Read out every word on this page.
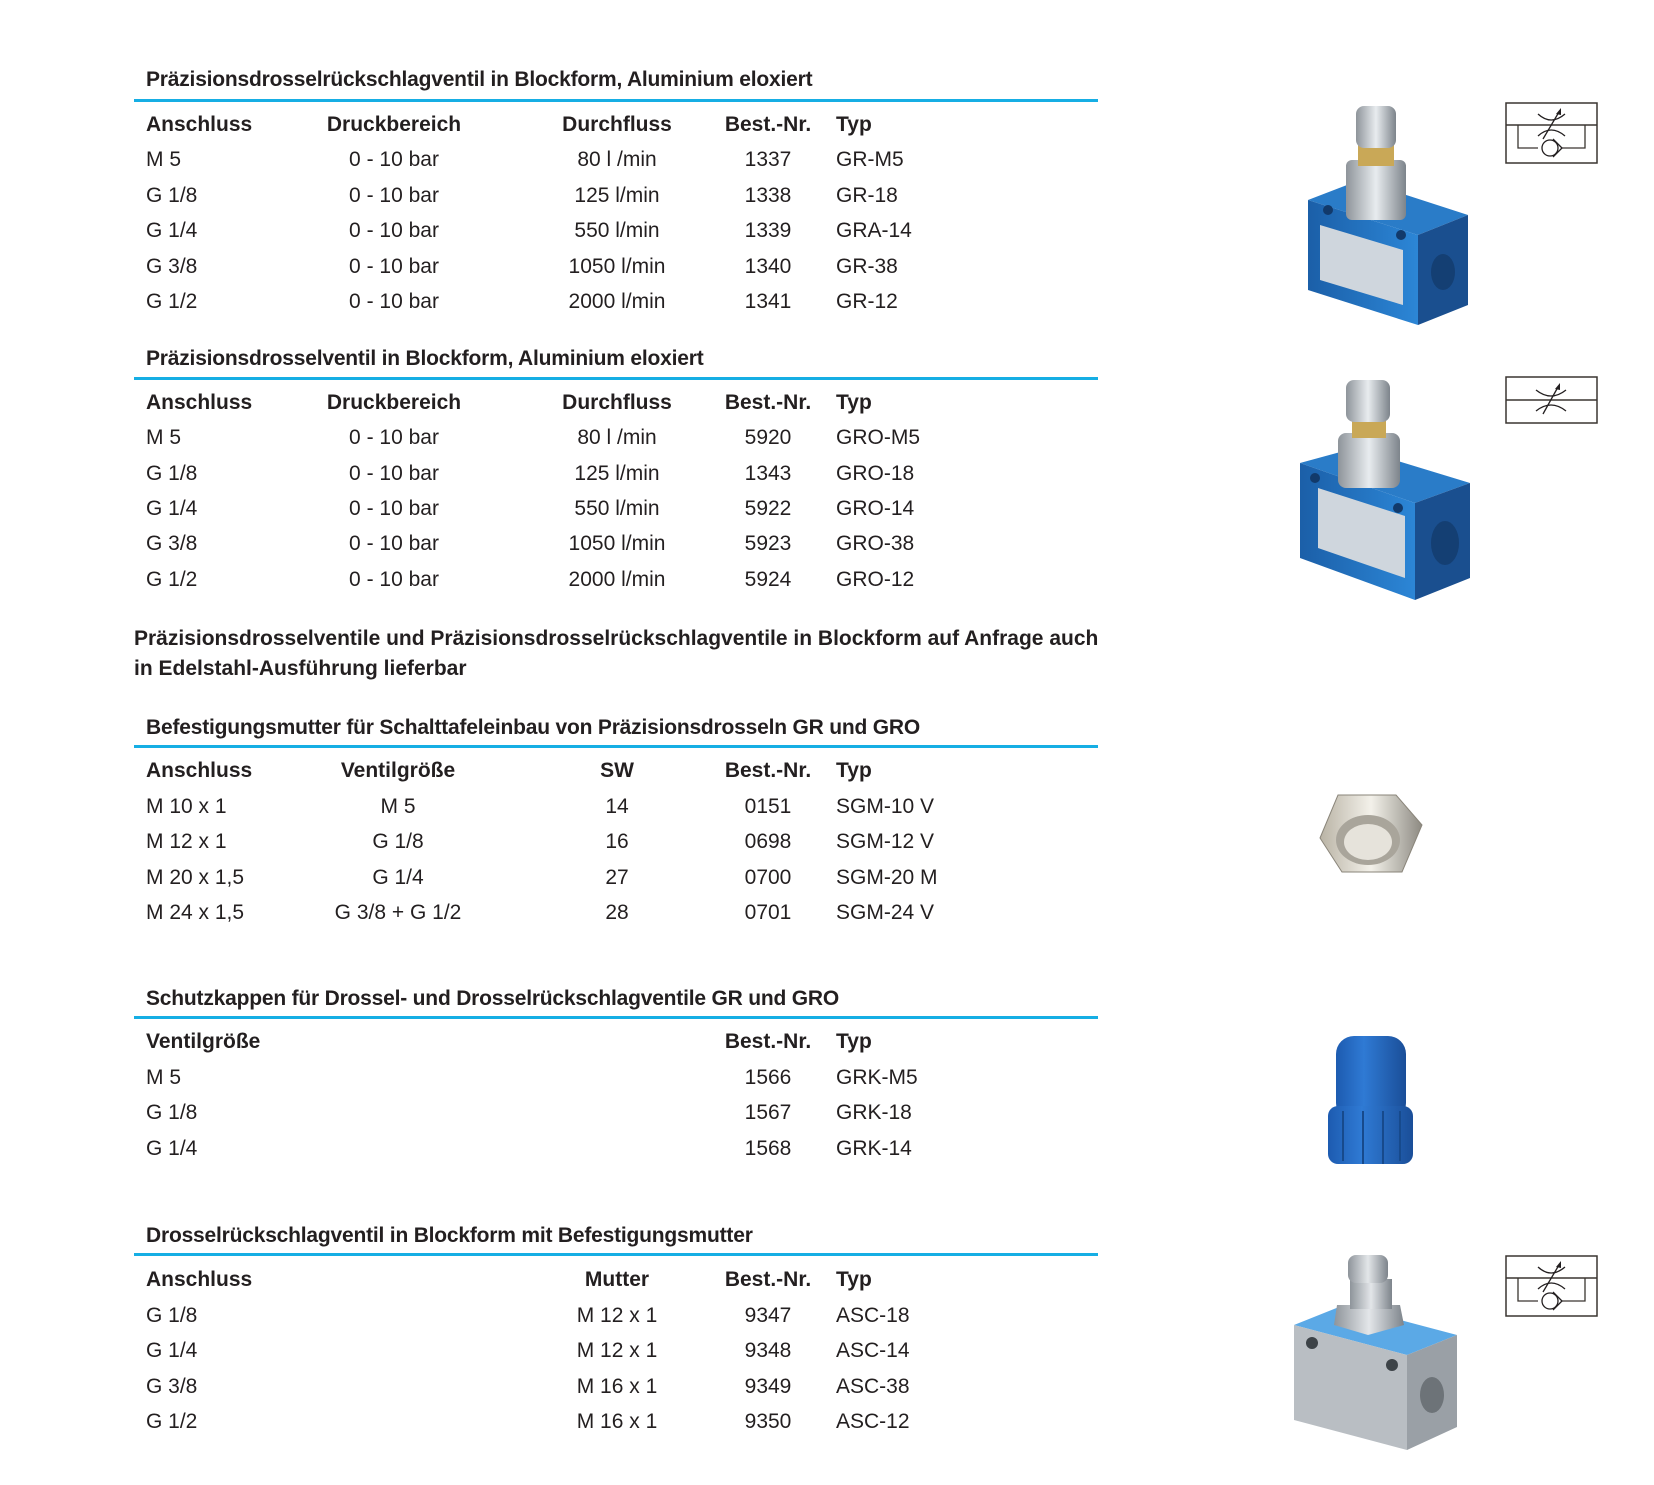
Präzisionsdrosselrückschlagventil in Blockform, Aluminium eloxiert
Anschluss	Druckbereich	Durchfluss	Best.-Nr. Typ
M 5	0 - 10 bar	80 l /min	1337 GR-M5
G 1/8	0 - 10 bar	125 l/min	1338 GR-18
G 1/4	0 - 10 bar	550 l/min	1339 GRA-14
G 3/8	0 - 10 bar	1050 l/min	1340 GR-38
G 1/2	0 - 10 bar	2000 l/min	1341 GR-12
Präzisionsdrosselventil in Blockform, Aluminium eloxiert
Anschluss	Druckbereich	Durchfluss	Best.-Nr. Typ
M 5	0 - 10 bar	80 l /min	5920 GRO-M5
G 1/8	0 - 10 bar	125 l/min	1343 GRO-18
G 1/4	0 - 10 bar	550 l/min	5922 GRO-14
G 3/8	0 - 10 bar	1050 l/min	5923 GRO-38
G 1/2	0 - 10 bar	2000 l/min	5924 GRO-12
Präzisionsdrosselventile und Präzisionsdrosselrückschlagventile in Blockform auf Anfrage auch
in Edelstahl-Ausführung lieferbar
Befestigungsmutter für Schalttafeleinbau von Präzisionsdrosseln GR und GRO
Anschluss	Ventilgröße	SW	Best.-Nr. Typ
M 10 x 1	M 5	14	0151 SGM-10 V
M 12 x 1	G 1/8	16	0698 SGM-12 V
M 20 x 1,5	G 1/4	27	0700 SGM-20 M
M 24 x 1,5	G 3/8 + G 1/2	28	0701 SGM-24 V
Schutzkappen für Drossel- und Drosselrückschlagventile GR und GRO
Ventilgröße	Best.-Nr. Typ
M 5	1566 GRK-M5
G 1/8	1567 GRK-18
G 1/4	1568 GRK-14
Drosselrückschlagventil in Blockform mit Befestigungsmutter
Anschluss	Mutter	Best.-Nr. Typ
G 1/8	M 12 x 1	9347 ASC-18
G 1/4	M 12 x 1	9348 ASC-14
G 3/8	M 16 x 1	9349 ASC-38
G 1/2	M 16 x 1	9350 ASC-12
